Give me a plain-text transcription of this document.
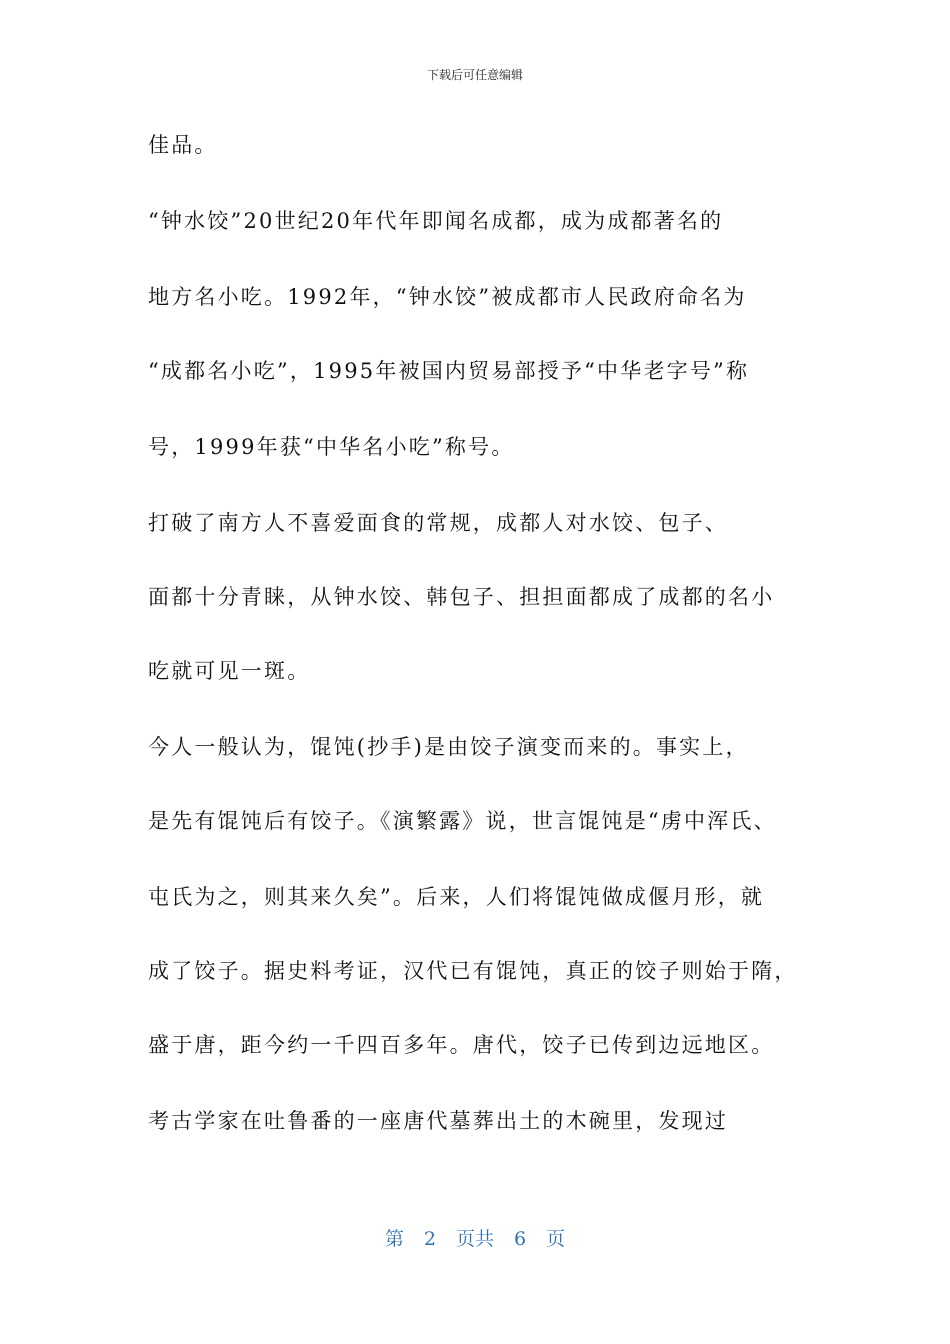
下载后可任意编辑
佳品。
“钟水饺”20世纪20年代年即闻名成都，成为成都著名的
地方名小吃。1992年，“钟水饺”被成都市人民政府命名为
“成都名小吃”，1995年被国内贸易部授予“中华老字号”称
号，1999年获“中华名小吃”称号。
打破了南方人不喜爱面食的常规，成都人对水饺、包子、
面都十分青睐，从钟水饺、韩包子、担担面都成了成都的名小
吃就可见一斑。
今人一般认为，馄饨(抄手)是由饺子演变而来的。事实上，
是先有馄饨后有饺子。《演繁露》说，世言馄饨是“虏中浑氏、
屯氏为之，则其来久矣”。后来，人们将馄饨做成偃月形，就
成了饺子。据史料考证，汉代已有馄饨，真正的饺子则始于隋，
盛于唐，距今约一千四百多年。唐代，饺子已传到边远地区。
考古学家在吐鲁番的一座唐代墓葬出土的木碗里，发现过
第 2 页共 6 页
